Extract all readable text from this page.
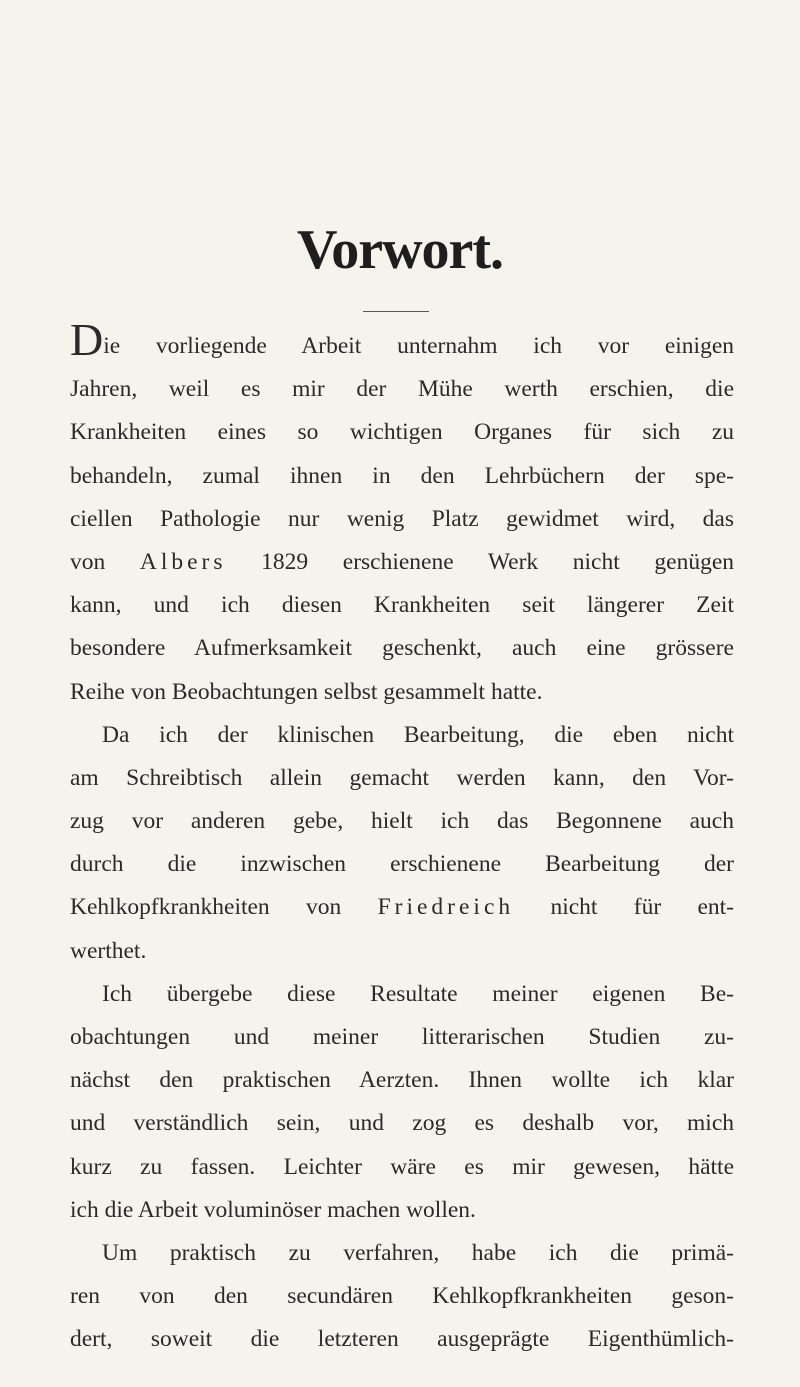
Vorwort.
Die vorliegende Arbeit unternahm ich vor einigen
Jahren, weil es mir der Mühe werth erschien, die
Krankheiten eines so wichtigen Organes für sich zu
behandeln, zumal ihnen in den Lehrbüchern der spe-
ciellen Pathologie nur wenig Platz gewidmet wird, das
von Albers 1829 erschienene Werk nicht genügen
kann, und ich diesen Krankheiten seit längerer Zeit
besondere Aufmerksamkeit geschenkt, auch eine grössere
Reihe von Beobachtungen selbst gesammelt hatte.
Da ich der klinischen Bearbeitung, die eben nicht
am Schreibtisch allein gemacht werden kann, den Vor-
zug vor anderen gebe, hielt ich das Begonnene auch
durch die inzwischen erschienene Bearbeitung der
Kehlkopfkrankheiten von Friedreich nicht für ent-
werthet.
Ich übergebe diese Resultate meiner eigenen Be-
obachtungen und meiner litterarischen Studien zu-
nächst den praktischen Aerzten. Ihnen wollte ich klar
und verständlich sein, und zog es deshalb vor, mich
kurz zu fassen. Leichter wäre es mir gewesen, hätte
ich die Arbeit voluminöser machen wollen.
Um praktisch zu verfahren, habe ich die primä-
ren von den secundären Kehlkopfkrankheiten geson-
dert, soweit die letzteren ausgeprägte Eigenthümlich-
